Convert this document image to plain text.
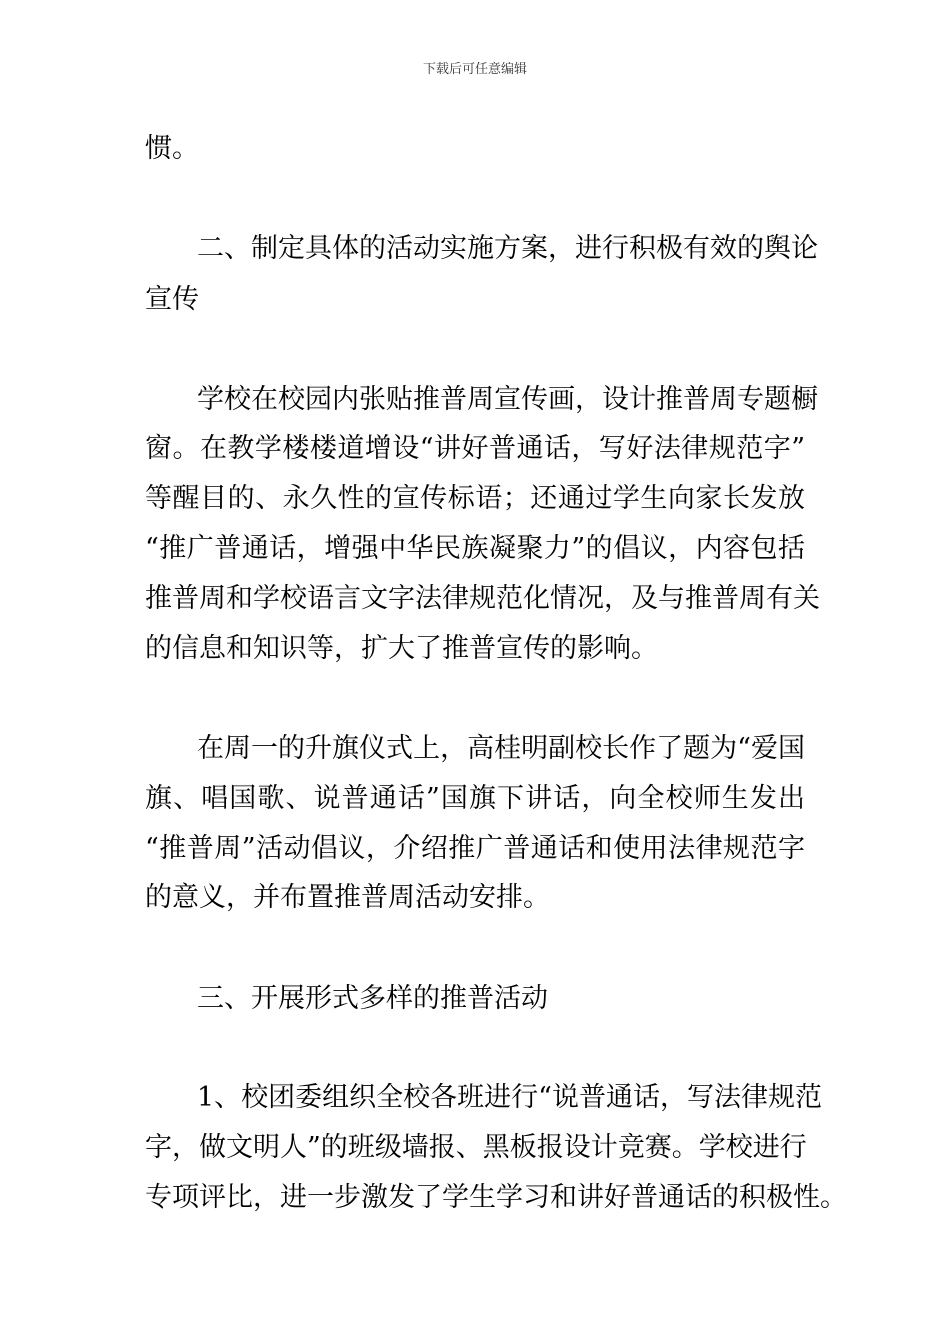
下载后可任意编辑
惯。
二、制定具体的活动实施方案，进行积极有效的舆论
宣传
学校在校园内张贴推普周宣传画，设计推普周专题橱
窗。在教学楼楼道增设“讲好普通话，写好法律规范字”
等醒目的、永久性的宣传标语；还通过学生向家长发放
“推广普通话，增强中华民族凝聚力”的倡议，内容包括
推普周和学校语言文字法律规范化情况，及与推普周有关
的信息和知识等，扩大了推普宣传的影响。
在周一的升旗仪式上，高桂明副校长作了题为“爱国
旗、唱国歌、说普通话”国旗下讲话，向全校师生发出
“推普周”活动倡议，介绍推广普通话和使用法律规范字
的意义，并布置推普周活动安排。
三、开展形式多样的推普活动
1、校团委组织全校各班进行“说普通话，写法律规范
字，做文明人”的班级墙报、黑板报设计竞赛。学校进行
专项评比，进一步激发了学生学习和讲好普通话的积极性。
